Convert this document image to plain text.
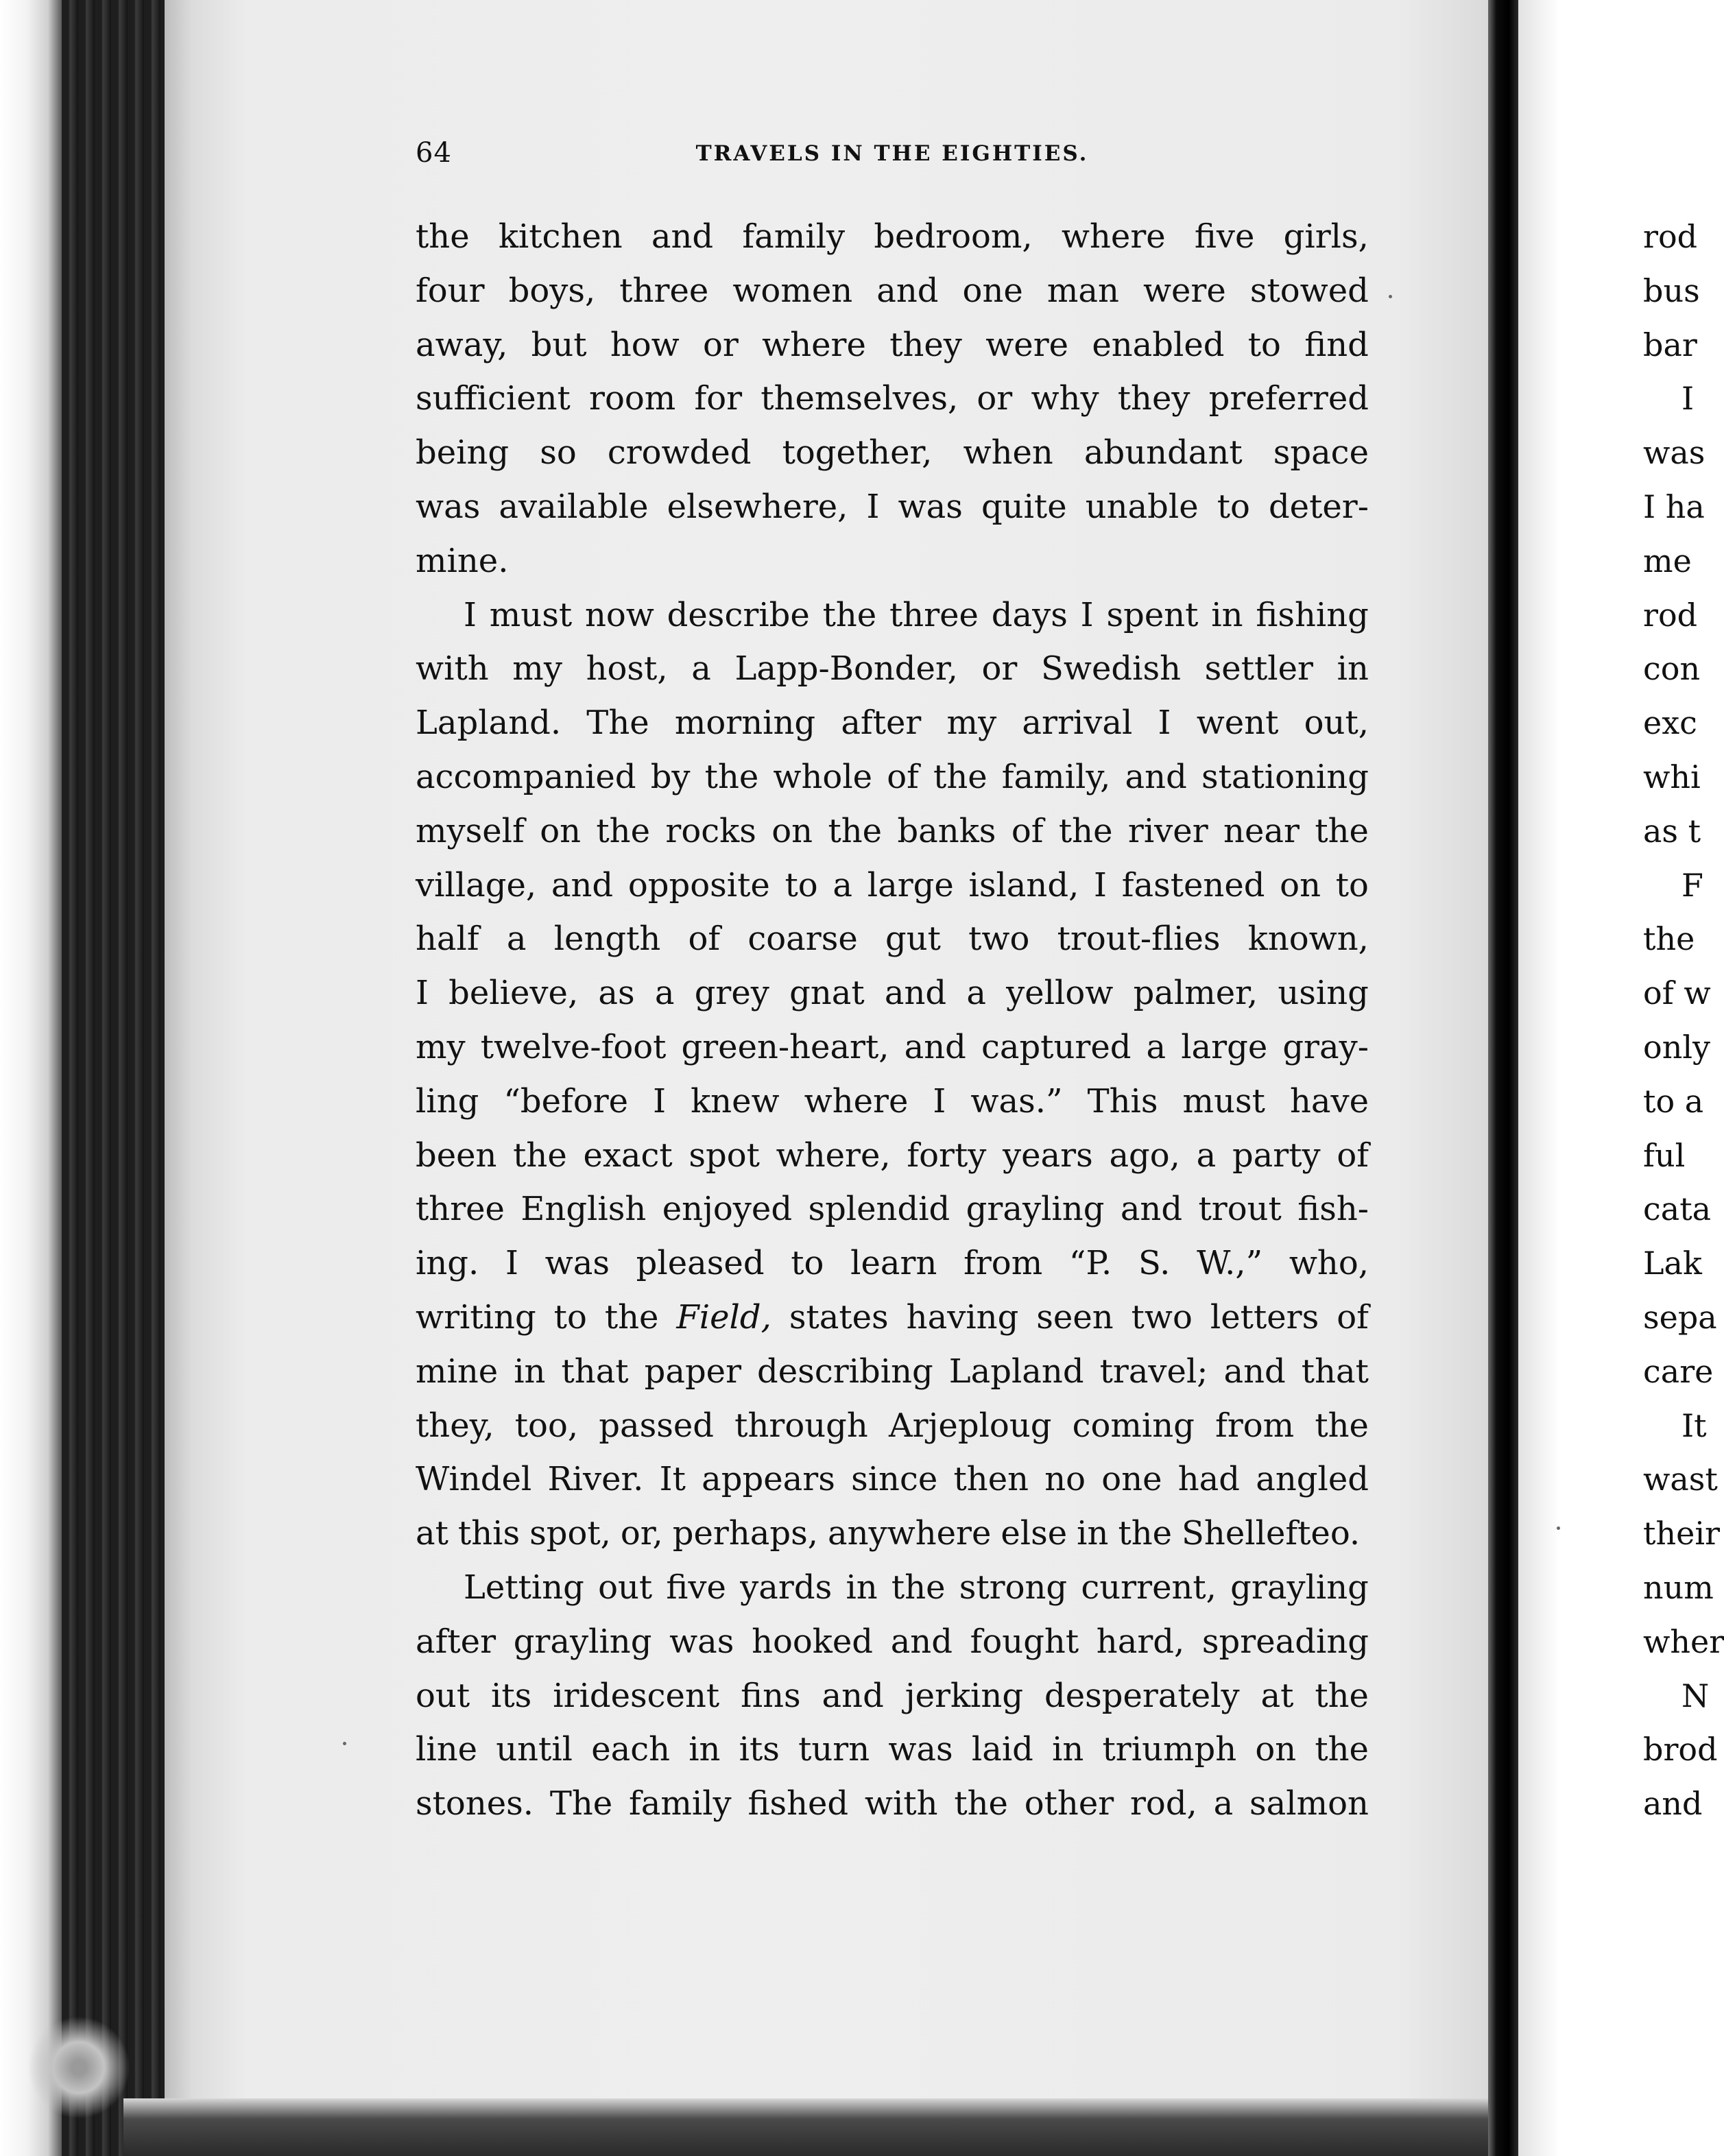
64	TRAVELS IN THE EIGHTIES.
the kitchen and family bedroom, where five girls,
four boys, three women and one man were stowed
away, but how or where they were enabled to find
sufficient room for themselves, or why they preferred
being so crowded together, when abundant space
was available elsewhere, I was quite unable to deter-
mine.
I must now describe the three days I spent in fishing
with my host, a Lapp-Bonder, or Swedish settler in
Lapland. The morning after my arrival I went out,
accompanied by the whole of the family, and stationing
myself on the rocks on the banks of the river near the
village, and opposite to a large island, I fastened on to
half a length of coarse gut two trout-flies known,
I believe, as a grey gnat and a yellow palmer, using
my twelve-foot green-heart, and captured a large gray-
ling “before I knew where I was.” This must have
been the exact spot where, forty years ago, a party of
three English enjoyed splendid grayling and trout fish-
ing. I was pleased to learn from “P. S. W.,” who,
writing to the Field, states having seen two letters of
mine in that paper describing Lapland travel; and that
they, too, passed through Arjeploug coming from the
Windel River. It appears since then no one had angled
at this spot, or, perhaps, anywhere else in the Shellefteo.
Letting out five yards in the strong current, grayling
after grayling was hooked and fought hard, spreading
out its iridescent fins and jerking desperately at the
line until each in its turn was laid in triumph on the
stones. The family fished with the other rod, a salmon
rod
bus
bar
I
was
I ha
me
rod
con
exc
whi
as t
F
the
of w
only
to a
ful
cata
Lak
sepa
care
It
wast
their
num
wher
N
brod
and
